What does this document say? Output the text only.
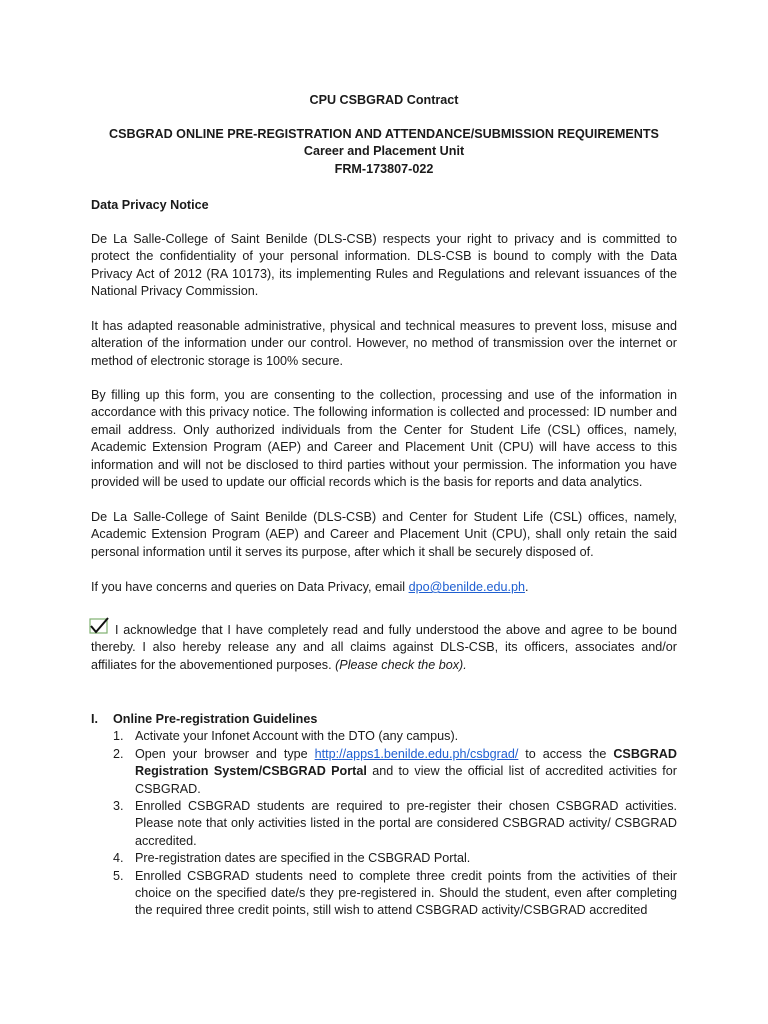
CPU CSBGRAD Contract
CSBGRAD ONLINE PRE-REGISTRATION AND ATTENDANCE/SUBMISSION REQUIREMENTS
Career and Placement Unit
FRM-173807-022
Data Privacy Notice
De La Salle-College of Saint Benilde (DLS-CSB) respects your right to privacy and is committed to protect the confidentiality of your personal information. DLS-CSB is bound to comply with the Data Privacy Act of 2012 (RA 10173), its implementing Rules and Regulations and relevant issuances of the National Privacy Commission.
It has adapted reasonable administrative, physical and technical measures to prevent loss, misuse and alteration of the information under our control. However, no method of transmission over the internet or method of electronic storage is 100% secure.
By filling up this form, you are consenting to the collection, processing and use of the information in accordance with this privacy notice. The following information is collected and processed: ID number and email address. Only authorized individuals from the Center for Student Life (CSL) offices, namely, Academic Extension Program (AEP) and Career and Placement Unit (CPU) will have access to this information and will not be disclosed to third parties without your permission. The information you have provided will be used to update our official records which is the basis for reports and data analytics.
De La Salle-College of Saint Benilde (DLS-CSB) and Center for Student Life (CSL) offices, namely, Academic Extension Program (AEP) and Career and Placement Unit (CPU), shall only retain the said personal information until it serves its purpose, after which it shall be securely disposed of.
If you have concerns and queries on Data Privacy, email dpo@benilde.edu.ph.
I acknowledge that I have completely read and fully understood the above and agree to be bound thereby. I also hereby release any and all claims against DLS-CSB, its officers, associates and/or affiliates for the abovementioned purposes. (Please check the box).
I. Online Pre-registration Guidelines
1. Activate your Infonet Account with the DTO (any campus).
2. Open your browser and type http://apps1.benilde.edu.ph/csbgrad/ to access the CSBGRAD Registration System/CSBGRAD Portal and to view the official list of accredited activities for CSBGRAD.
3. Enrolled CSBGRAD students are required to pre-register their chosen CSBGRAD activities. Please note that only activities listed in the portal are considered CSBGRAD activity/ CSBGRAD accredited.
4. Pre-registration dates are specified in the CSBGRAD Portal.
5. Enrolled CSBGRAD students need to complete three credit points from the activities of their choice on the specified date/s they pre-registered in. Should the student, even after completing the required three credit points, still wish to attend CSBGRAD activity/CSBGRAD accredited
